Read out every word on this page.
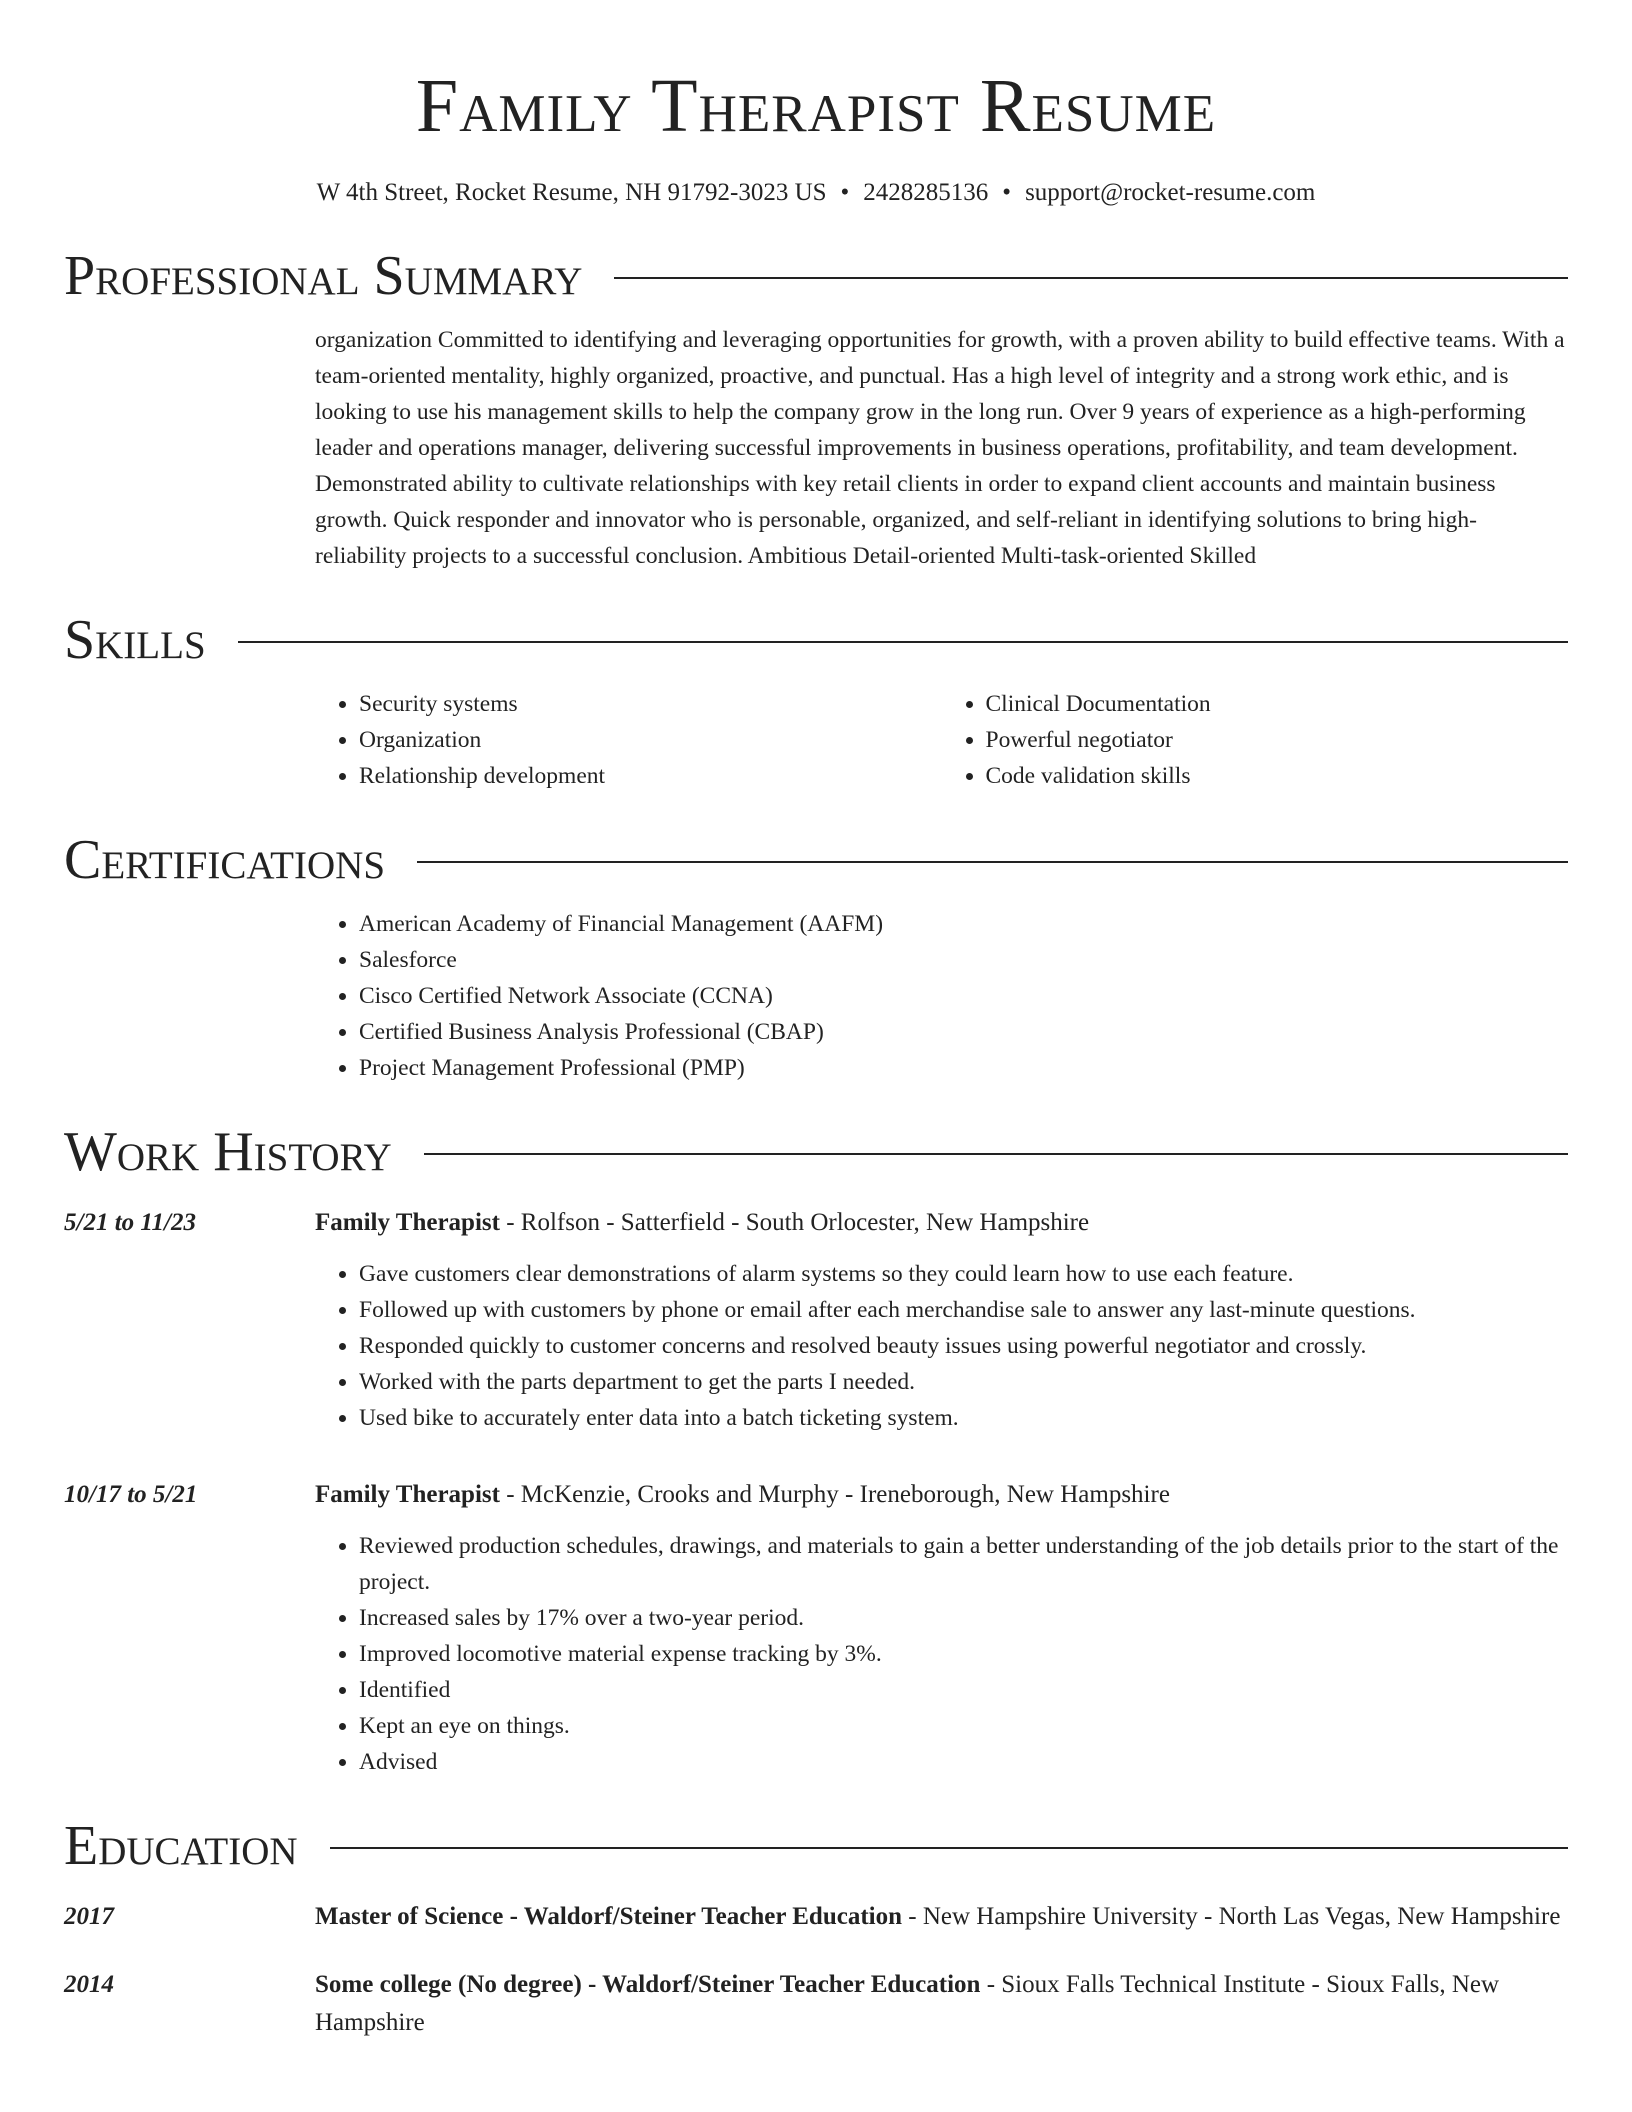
Family Therapist Resume
W 4th Street, Rocket Resume, NH 91792-3023 US • 2428285136 • support@rocket-resume.com
Professional Summary
organization Committed to identifying and leveraging opportunities for growth, with a proven ability to build effective teams. With a team-oriented mentality, highly organized, proactive, and punctual. Has a high level of integrity and a strong work ethic, and is looking to use his management skills to help the company grow in the long run. Over 9 years of experience as a high-performing leader and operations manager, delivering successful improvements in business operations, profitability, and team development. Demonstrated ability to cultivate relationships with key retail clients in order to expand client accounts and maintain business growth. Quick responder and innovator who is personable, organized, and self-reliant in identifying solutions to bring high-reliability projects to a successful conclusion. Ambitious Detail-oriented Multi-task-oriented Skilled
Skills
• Security systems
• Organization
• Relationship development
• Clinical Documentation
• Powerful negotiator
• Code validation skills
Certifications
• American Academy of Financial Management (AAFM)
• Salesforce
• Cisco Certified Network Associate (CCNA)
• Certified Business Analysis Professional (CBAP)
• Project Management Professional (PMP)
Work History
5/21 to 11/23	Family Therapist - Rolfson - Satterfield - South Orlocester, New Hampshire
• Gave customers clear demonstrations of alarm systems so they could learn how to use each feature.
• Followed up with customers by phone or email after each merchandise sale to answer any last-minute questions.
• Responded quickly to customer concerns and resolved beauty issues using powerful negotiator and crossly.
• Worked with the parts department to get the parts I needed.
• Used bike to accurately enter data into a batch ticketing system.
10/17 to 5/21	Family Therapist - McKenzie, Crooks and Murphy - Ireneborough, New Hampshire
• Reviewed production schedules, drawings, and materials to gain a better understanding of the job details prior to the start of the project.
• Increased sales by 17% over a two-year period.
• Improved locomotive material expense tracking by 3%.
• Identified
• Kept an eye on things.
• Advised
Education
2017	Master of Science - Waldorf/Steiner Teacher Education - New Hampshire University - North Las Vegas, New Hampshire
2014	Some college (No degree) - Waldorf/Steiner Teacher Education - Sioux Falls Technical Institute - Sioux Falls, New Hampshire
